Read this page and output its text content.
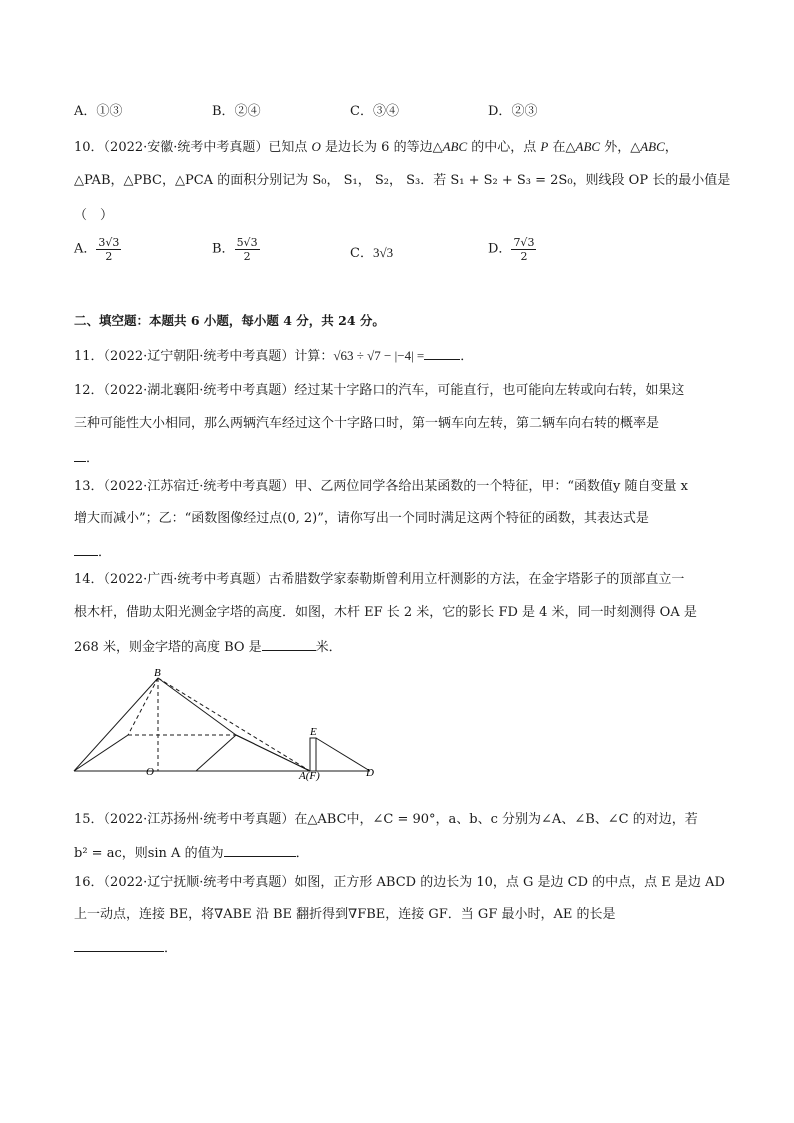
A．①③	B．②④	C．③④	D．②③
10．（2022·安徽·统考中考真题）已知点 O 是边长为 6 的等边△ABC 的中心，点 P 在△ABC 外，△ABC，
△PAB，△PBC，△PCA 的面积分别记为 S₀， S₁， S₂， S₃．若 S₁ + S₂ + S₃ = 2S₀，则线段 OP 长的最小值是
（　）
A． $\frac{3√3}{2}$	B． $\frac{5√3}{2}$	C．3√3	D． $\frac{7√3}{2}$
二、填空题：本题共 6 小题，每小题 4 分，共 24 分。
11．（2022·辽宁朝阳·统考中考真题）计算：√63 ÷ √7 − |−4| =	．
12．（2022·湖北襄阳·统考中考真题）经过某十字路口的汽车，可能直行，也可能向左转或向右转，如果这
三种可能性大小相同，那么两辆汽车经过这个十字路口时，第一辆车向左转，第二辆车向右转的概率是
．
13．（2022·江苏宿迁·统考中考真题）甲、乙两位同学各给出某函数的一个特征，甲：“函数值y 随自变量 x
增大而减小”；乙：“函数图像经过点(0, 2)”，请你写出一个同时满足这两个特征的函数，其表达式是
．
14．（2022·广西·统考中考真题）古希腊数学家泰勒斯曾利用立杆测影的方法，在金字塔影子的顶部直立一
根木杆，借助太阳光测金字塔的高度．如图，木杆 EF 长 2 米，它的影长 FD 是 4 米，同一时刻测得 OA 是
268 米，则金字塔的高度 BO 是	米．
B
O
E
A(F)	D
15．（2022·江苏扬州·统考中考真题）在△ABC中，∠C = 90°，a、b、c 分别为∠A、∠B、∠C 的对边，若
b² = ac，则sin A 的值为	．
16．（2022·辽宁抚顺·统考中考真题）如图，正方形 ABCD 的边长为 10，点 G 是边 CD 的中点，点 E 是边 AD
上一动点，连接 BE，将∇ABE 沿 BE 翻折得到∇FBE，连接 GF．当 GF 最小时，AE 的长是
．
